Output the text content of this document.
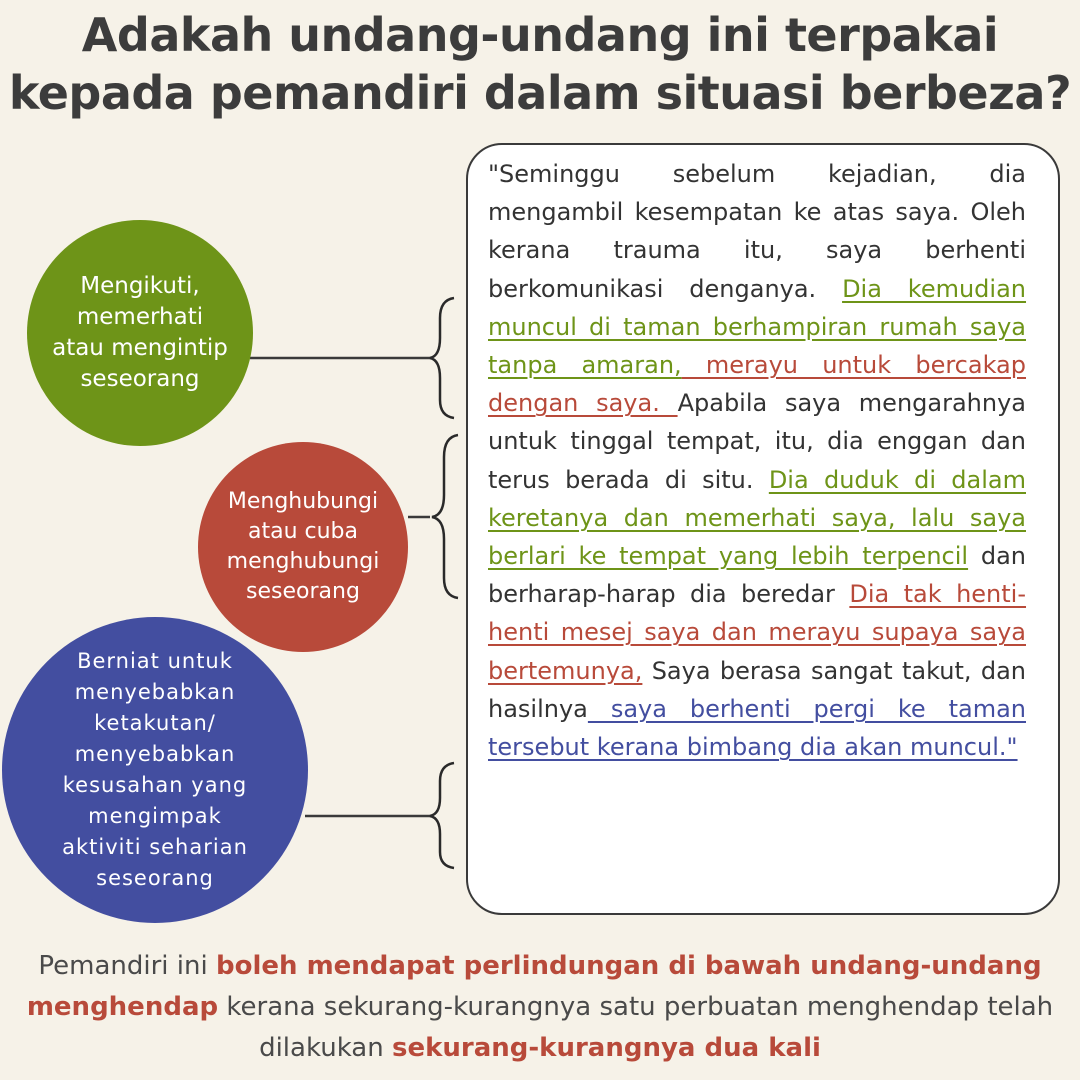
Adakah undang-undang ini terpakai
kepada pemandiri dalam situasi berbeza?
Mengikuti,
memerhati
atau mengintip
seseorang
Menghubungi
atau cuba
menghubungi
seseorang
Berniat untuk
menyebabkan
ketakutan/
menyebabkan
kesusahan yang
mengimpak
aktiviti seharian
seseorang

"Seminggu sebelum kejadian, dia mengambil kesempatan ke atas saya. Oleh kerana trauma itu, saya berhenti berkomunikasi denganya. Dia kemudian muncul di taman berhampiran rumah saya tanpa amaran, merayu untuk bercakap dengan saya. Apabila saya mengarahnya untuk tinggal tempat, itu, dia enggan dan terus berada di situ. Dia duduk di dalam keretanya dan memerhati saya, lalu saya berlari ke tempat yang lebih terpencil dan berharap-harap dia beredar Dia tak henti-henti mesej saya dan merayu supaya saya bertemunya, Saya berasa sangat takut, dan hasilnya saya berhenti pergi ke taman tersebut kerana bimbang dia akan muncul."

Pemandiri ini boleh mendapat perlindungan di bawah undang-undang menghendap kerana sekurang-kurangnya satu perbuatan menghendap telah dilakukan sekurang-kurangnya dua kali
